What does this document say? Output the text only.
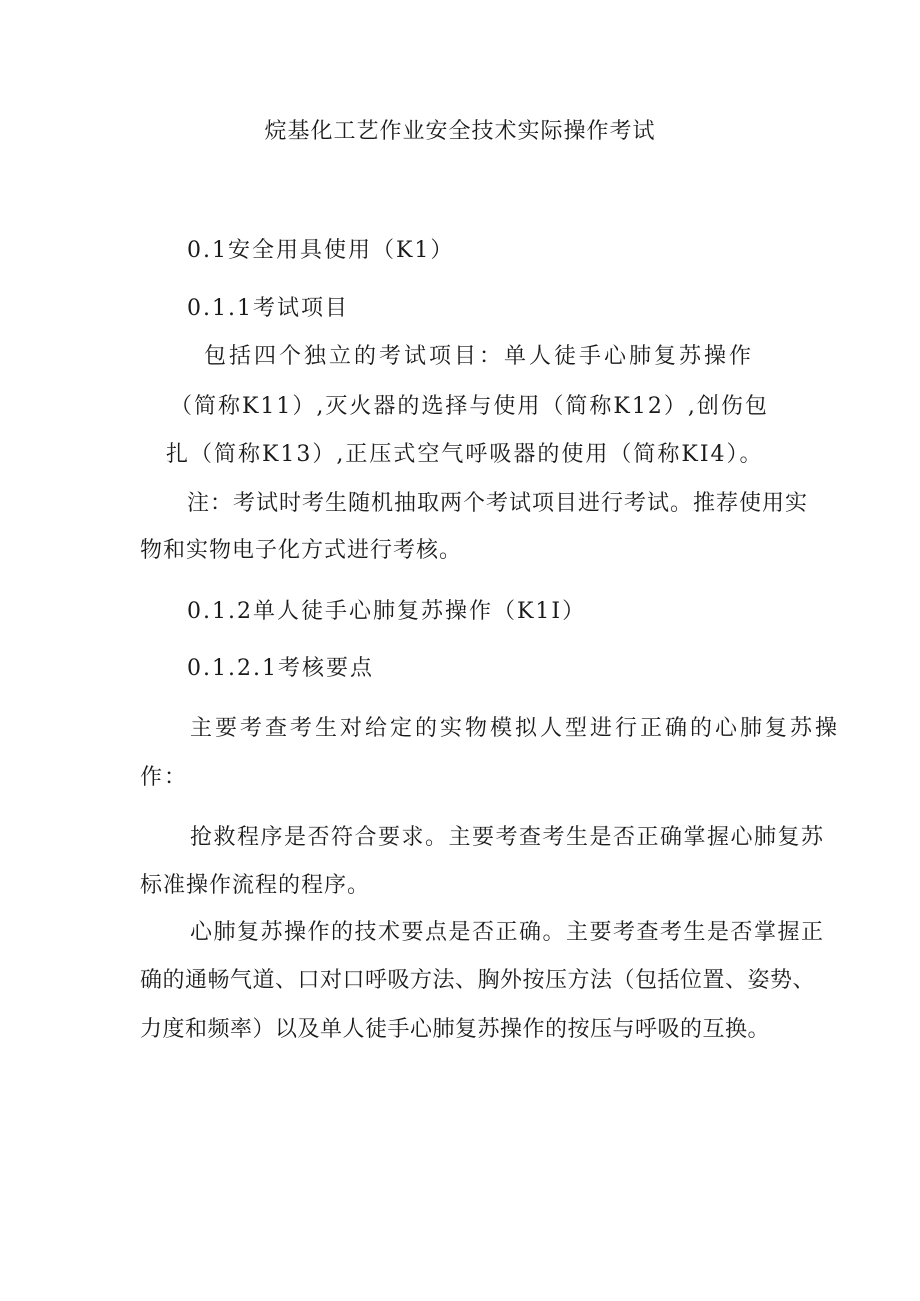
烷基化工艺作业安全技术实际操作考试
0.1安全用具使用（K1）
0.1.1考试项目
包括四个独立的考试项目：单人徒手心肺复苏操作
（简称K11）,灭火器的选择与使用（简称K12）,创伤包
扎（简称K13）,正压式空气呼吸器的使用（简称KI4）。
注：考试时考生随机抽取两个考试项目进行考试。推荐使用实
物和实物电子化方式进行考核。
0.1.2单人徒手心肺复苏操作（K1I）
0.1.2.1考核要点
主要考查考生对给定的实物模拟人型进行正确的心肺复苏操
作：
抢救程序是否符合要求。主要考查考生是否正确掌握心肺复苏
标准操作流程的程序。
心肺复苏操作的技术要点是否正确。主要考查考生是否掌握正
确的通畅气道、口对口呼吸方法、胸外按压方法（包括位置、姿势、
力度和频率）以及单人徒手心肺复苏操作的按压与呼吸的互换。
